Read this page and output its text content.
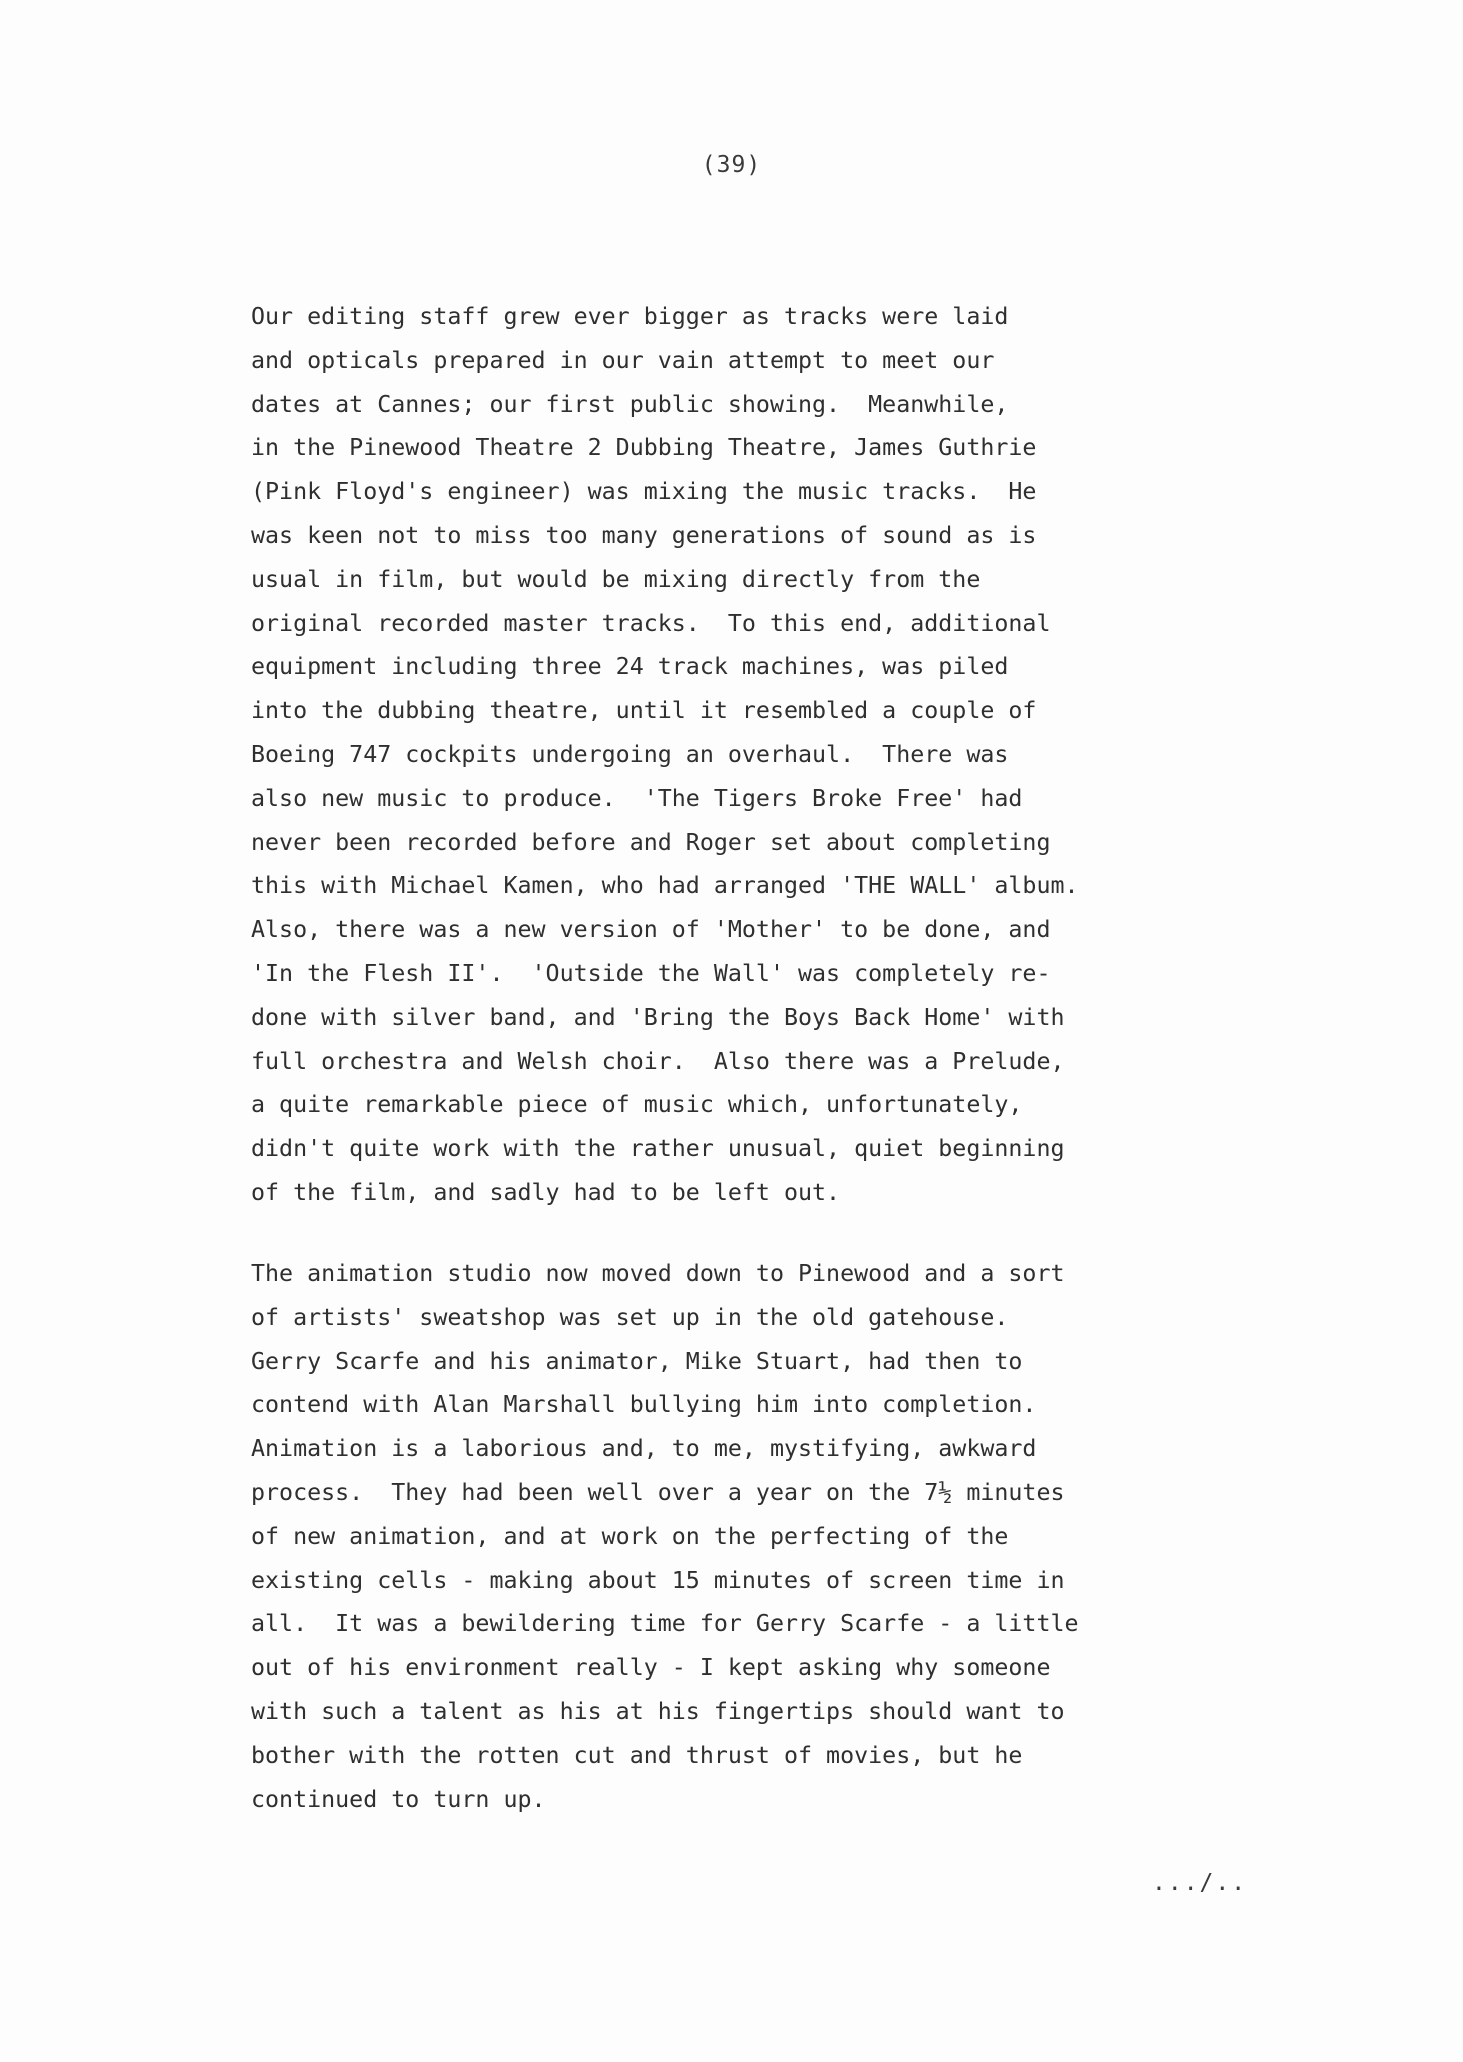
(39)
Our editing staff grew ever bigger as tracks were laid
and opticals prepared in our vain attempt to meet our
dates at Cannes; our first public showing.  Meanwhile,
in the Pinewood Theatre 2 Dubbing Theatre, James Guthrie
(Pink Floyd's engineer) was mixing the music tracks.  He
was keen not to miss too many generations of sound as is
usual in film, but would be mixing directly from the
original recorded master tracks.  To this end, additional
equipment including three 24 track machines, was piled
into the dubbing theatre, until it resembled a couple of
Boeing 747 cockpits undergoing an overhaul.  There was
also new music to produce.  'The Tigers Broke Free' had
never been recorded before and Roger set about completing
this with Michael Kamen, who had arranged 'THE WALL' album.
Also, there was a new version of 'Mother' to be done, and
'In the Flesh II'.  'Outside the Wall' was completely re-
done with silver band, and 'Bring the Boys Back Home' with
full orchestra and Welsh choir.  Also there was a Prelude,
a quite remarkable piece of music which, unfortunately,
didn't quite work with the rather unusual, quiet beginning
of the film, and sadly had to be left out.
The animation studio now moved down to Pinewood and a sort
of artists' sweatshop was set up in the old gatehouse.
Gerry Scarfe and his animator, Mike Stuart, had then to
contend with Alan Marshall bullying him into completion.
Animation is a laborious and, to me, mystifying, awkward
process.  They had been well over a year on the 7½ minutes
of new animation, and at work on the perfecting of the
existing cells - making about 15 minutes of screen time in
all.  It was a bewildering time for Gerry Scarfe - a little
out of his environment really - I kept asking why someone
with such a talent as his at his fingertips should want to
bother with the rotten cut and thrust of movies, but he
continued to turn up.
.../..
